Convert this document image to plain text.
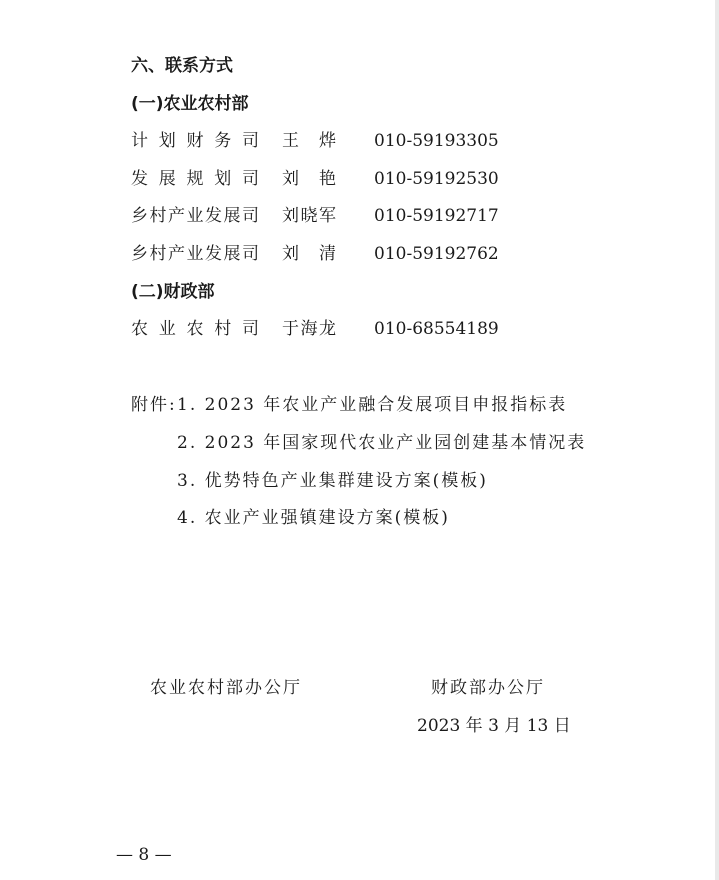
六、联系方式
(一)农业农村部
计划财务司 王烨 010-59193305
发展规划司 刘艳 010-59192530
乡村产业发展司 刘晓军 010-59192717
乡村产业发展司 刘清 010-59192762
(二)财政部
农业农村司 于海龙 010-68554189
附件: 1. 2023 年农业产业融合发展项目申报指标表
2. 2023 年国家现代农业产业园创建基本情况表
3. 优势特色产业集群建设方案(模板)
4. 农业产业强镇建设方案(模板)
农业农村部办公厅	财政部办公厅
2023 年 3 月 13 日
— 8 —
